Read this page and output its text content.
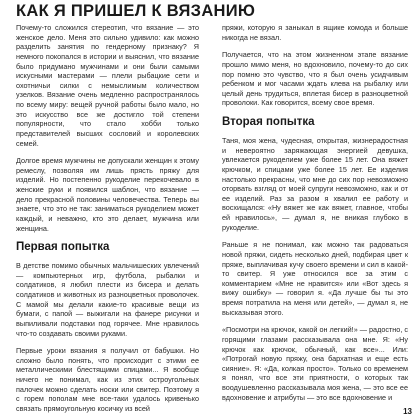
КАК Я ПРИШЕЛ К ВЯЗАНИЮ

Почему-то сложился стереотип, что вязание — это женское дело. Меня это сильно удивило: как можно разделить занятия по гендерному признаку? Я немного покопался в истории и выяснил, что вязание было придумано мужчинами и они были самыми искусными мастерами — плели рыбацкие сети и охотничьи силки с немыслимым количеством узелков. Вязание очень медленно распространялось по всему миру: вещей ручной работы было мало, но это искусство все же достигло той степени популярности, что стало хобби только представителей высших сословий и королевских семей.

Долгое время мужчины не допускали женщин к этому ремеслу, позволяя им лишь прясть пряжу для изделий. Но постепенно рукоделие перекочевало в женские руки и появился шаблон, что вязание — дело прекрасной половины человечества. Теперь вы знаете, что это не так: заниматься рукоделием может каждый, и неважно, кто это делает, мужчина или женщина.

Первая попытка

В детстве помимо обычных мальчишеских увлечений — компьютерных игр, футбола, рыбалки и солдатиков, я любил плести из бисера и делать солдатиков и животных из разноцветных проволочек. С мамой мы делали какие-то красивые вещи из бумаги, с папой — выжигали на фанере рисунки и выпиливали подставки под горячее. Мне нравилось что-то создавать своими руками.

Первые уроки вязания я получил от бабушки. Но сложно было понять, что происходит с этими ее металлическими блестящими спицами... Я вообще ничего не понимал, как из этих остроугольных палочек можно сделать носки или свитер. Поэтому я с горем пополам мне все-таки удалось кривенько связать прямоугольную косичку из всей

пряжи, которую я заныкал в ящике комода и больше никогда не вязал.

Получается, что на этом жизненном этапе вязание прошло мимо меня, но вдохновило, почему-то до сих пор помню это чувство, что я был очень усидчивым ребенком и мог часами ждать клева на рыбалку или целый день трудиться, вплетая бисер в разноцветной проволоки. Как говорится, всему свое время.

Вторая попытка

Таня, моя жена, чудесная, открытая, жизнерадостная и невероятно заряжающая энергией девушка, увлекается рукоделием уже более 15 лет. Она вяжет крючком, и спицами уже более 15 лет. Ее изделия настолько прекрасны, что мне до сих пор невозможно оторвать взгляд от моей супруги невозможно, как и от ее изделий. Раз за разом я хвалил ее работу и восхищался: «Ну вяжет же как вяжет, главное, чтобы ей нравилось», — думал я, не вникая глубоко в рукоделие.

Раньше я не понимал, как можно так радоваться новой пряжи, сидеть несколько дней, подбирая цвет к пряже, выплачивая кучу своего времени и сил в какой-то свитер. Я уже относился все за этим с комментарием «Мне не нравится» или «Вот здесь я вижу ошибку» — говорил я. «Да лучше бы ты это время потратила на меня или детей», — думал я, не высказывая этого.

«Посмотри на крючок, какой он легкий!» — радостно, с горящими глазами рассказывала она мне. Я: «Ну крючок как крючок, обычный, как все»... Или: «Потрогай новую пряжу, она бархатная и еще есть сияние». Я: «Да, колкая просто». Только со временем я понял, что все эти приятности, о которых так воодушевленно рассказывала моя жена, — это все ее вдохновение и атрибуты — это все вдохновение и

13
